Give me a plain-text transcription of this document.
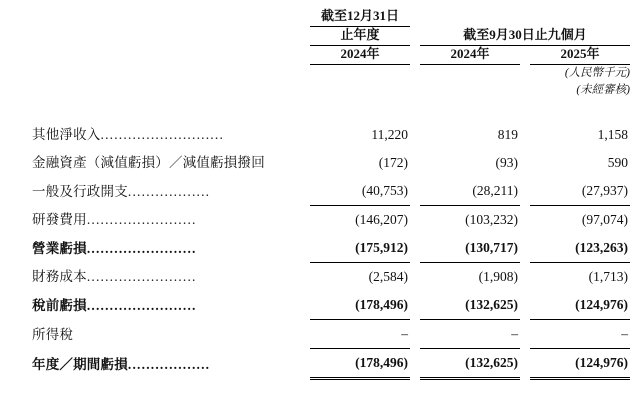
	截至12月31日				
	止年度		截至9月30日止九個月		
	2024年		2024年		2025年
			(人民幣千元)		
			(未經審核)		

其他淨收入...........................	11,220		819		1,158
金融資產（減值虧損）／減值虧損撥回	(172)		(93)		590
一般及行政開支..................	(40,753)		(28,211)		(27,937)
研發費用........................	(146,207)		(103,232)		(97,074)
營業虧損........................	(175,912)		(130,717)		(123,263)
財務成本........................	(2,584)		(1,908)		(1,713)
稅前虧損........................	(178,496)		(132,625)		(124,976)
所得稅	–		–		–
年度／期間虧損..................	(178,496)		(132,625)		(124,976)
